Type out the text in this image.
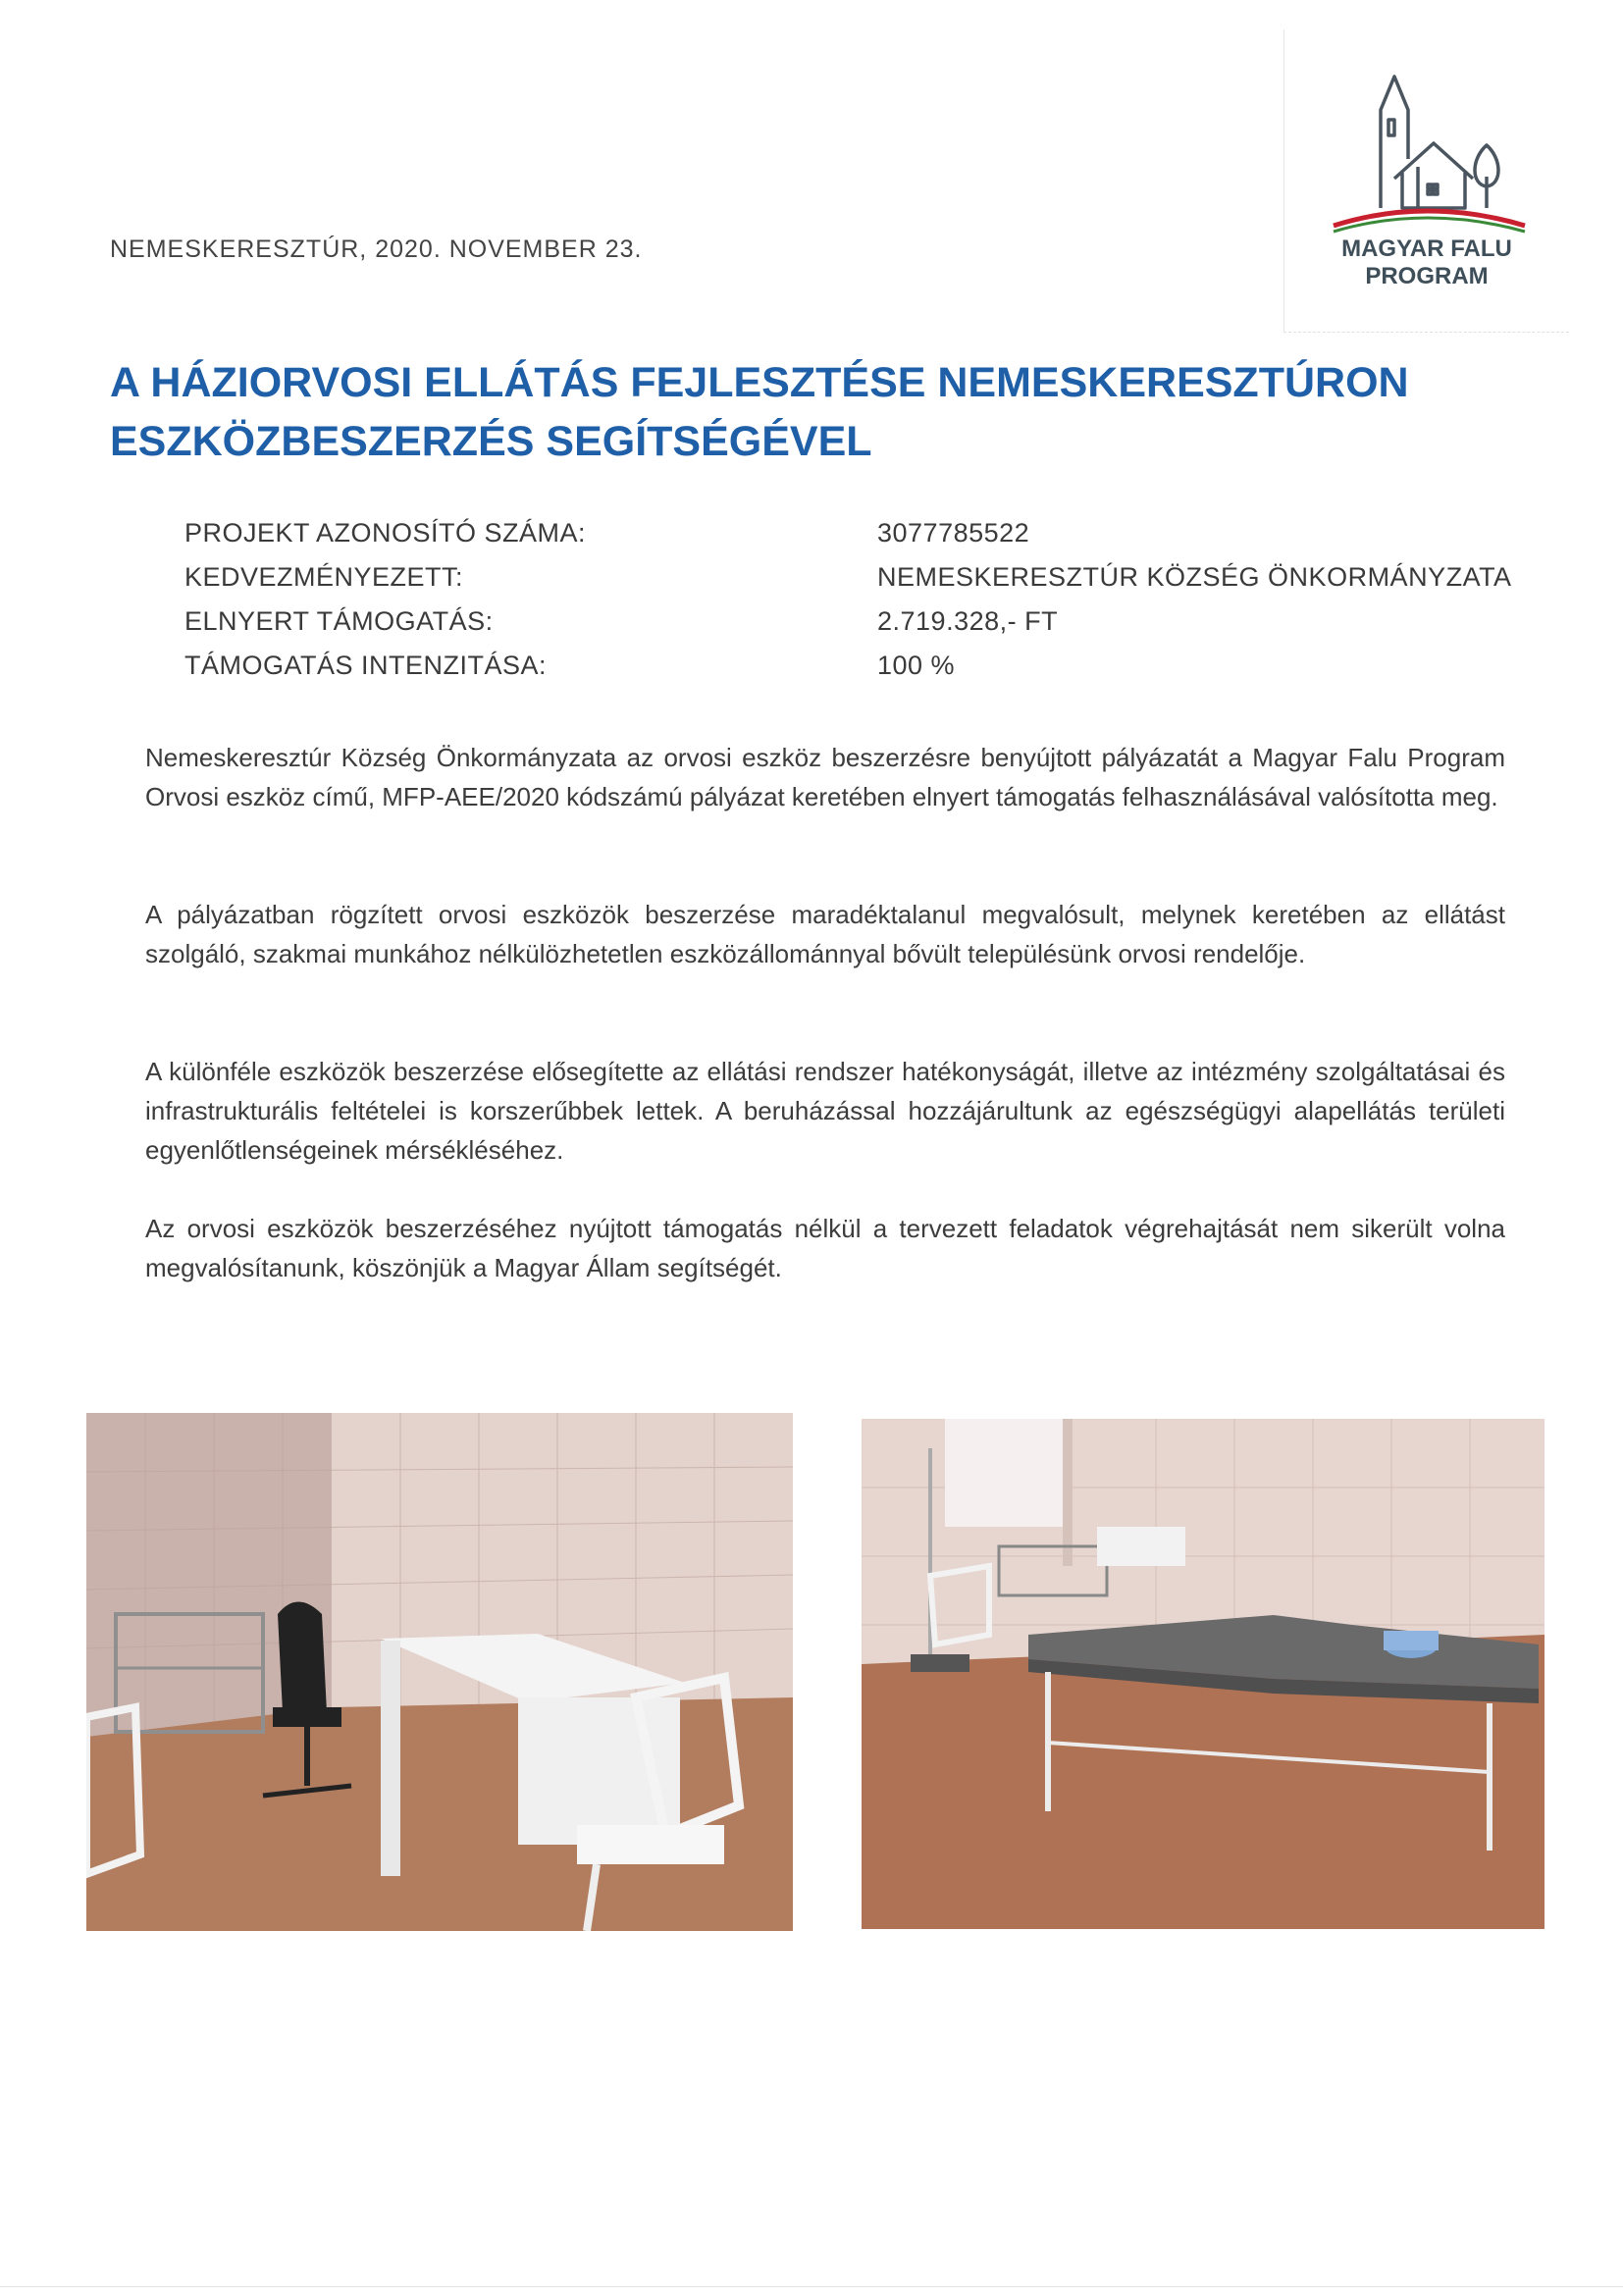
NEMESKERESZTÚR, 2020. NOVEMBER 23.	MAGYAR FALU
PROGRAM
A HÁZIORVOSI ELLÁTÁS FEJLESZTÉSE NEMESKERESZTÚRON
ESZKÖZBESZERZÉS SEGÍTSÉGÉVEL
PROJEKT AZONOSÍTÓ SZÁMA:	3077785522
KEDVEZMÉNYEZETT:	NEMESKERESZTÚR KÖZSÉG ÖNKORMÁNYZATA
ELNYERT TÁMOGATÁS:	2.719.328,- FT
TÁMOGATÁS INTENZITÁSA:	100 %

Nemeskeresztúr Község Önkormányzata az orvosi eszköz beszerzésre benyújtott pályázatát a Magyar Falu Program Orvosi eszköz című, MFP-AEE/2020 kódszámú pályázat keretében elnyert támogatás felhasználásával valósította meg.

A pályázatban rögzített orvosi eszközök beszerzése maradéktalanul megvalósult, melynek keretében az ellátást szolgáló, szakmai munkához nélkülözhetetlen eszközállománnyal bővült településünk orvosi rendelője.

A különféle eszközök beszerzése elősegítette az ellátási rendszer hatékonyságát, illetve az intézmény szolgáltatásai és infrastrukturális feltételei is korszerűbbek lettek. A beruházással hozzájárultunk az egészségügyi alapellátás területi egyenlőtlenségeinek mérsékléséhez.

Az orvosi eszközök beszerzéséhez nyújtott támogatás nélkül a tervezett feladatok végrehajtását nem sikerült volna megvalósítanunk, köszönjük a Magyar Állam segítségét.
